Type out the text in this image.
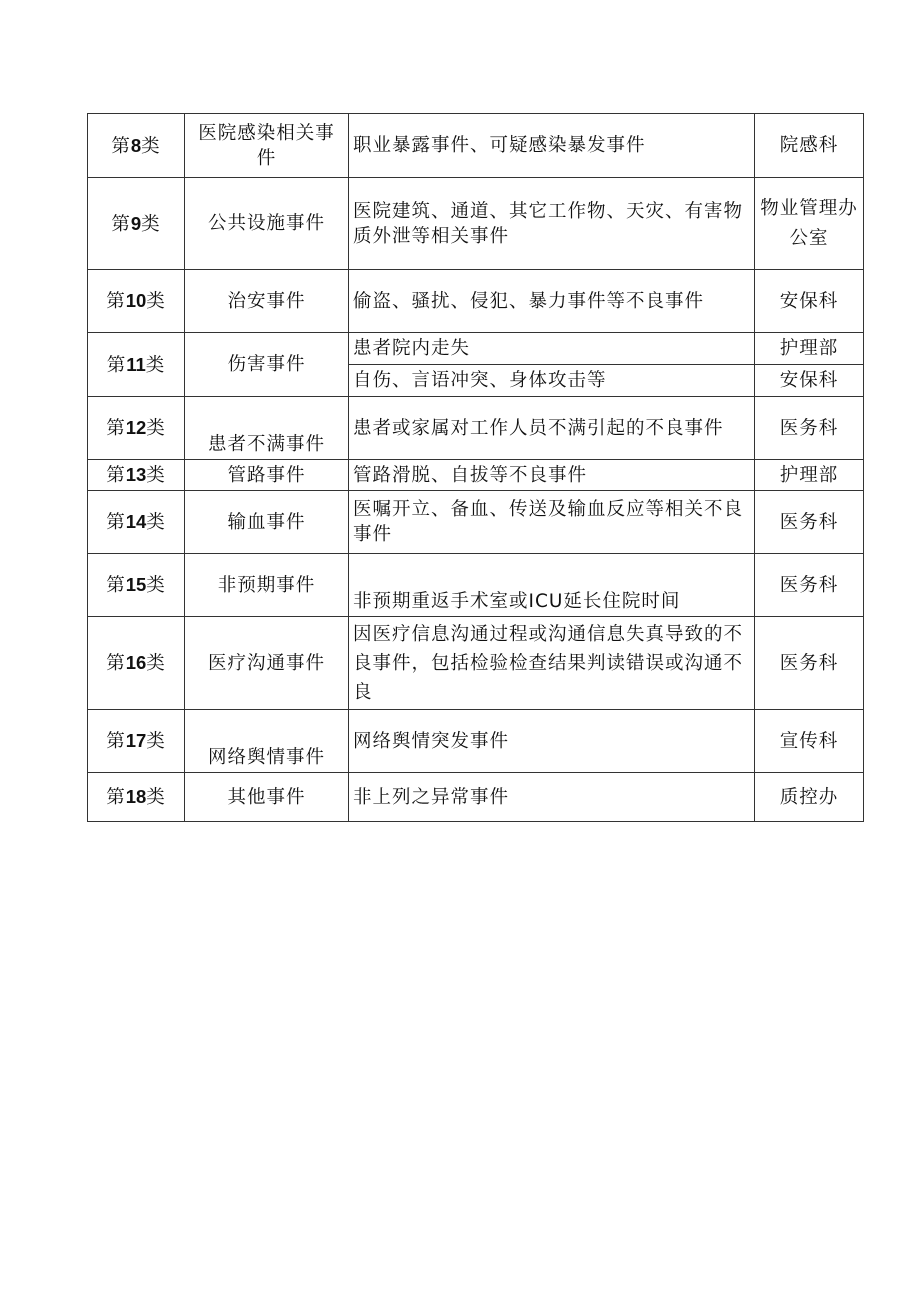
第8类	医院感染相关事件	职业暴露事件、可疑感染暴发事件	院感科
第9类	公共设施事件	医院建筑、通道、其它工作物、天灾、有害物质外泄等相关事件	物业管理办公室
第10类	治安事件	偷盗、骚扰、侵犯、暴力事件等不良事件	安保科
第11类	伤害事件	患者院内走失	护理部
		自伤、言语冲突、身体攻击等	安保科
第12类	患者不满事件	患者或家属对工作人员不满引起的不良事件	医务科
第13类	管路事件	管路滑脱、自拔等不良事件	护理部
第14类	输血事件	医嘱开立、备血、传送及输血反应等相关不良事件	医务科
第15类	非预期事件	非预期重返手术室或ICU延长住院时间	医务科
第16类	医疗沟通事件	因医疗信息沟通过程或沟通信息失真导致的不良事件，包括检验检查结果判读错误或沟通不良	医务科
第17类	网络舆情事件	网络舆情突发事件	宣传科
第18类	其他事件	非上列之异常事件	质控办
